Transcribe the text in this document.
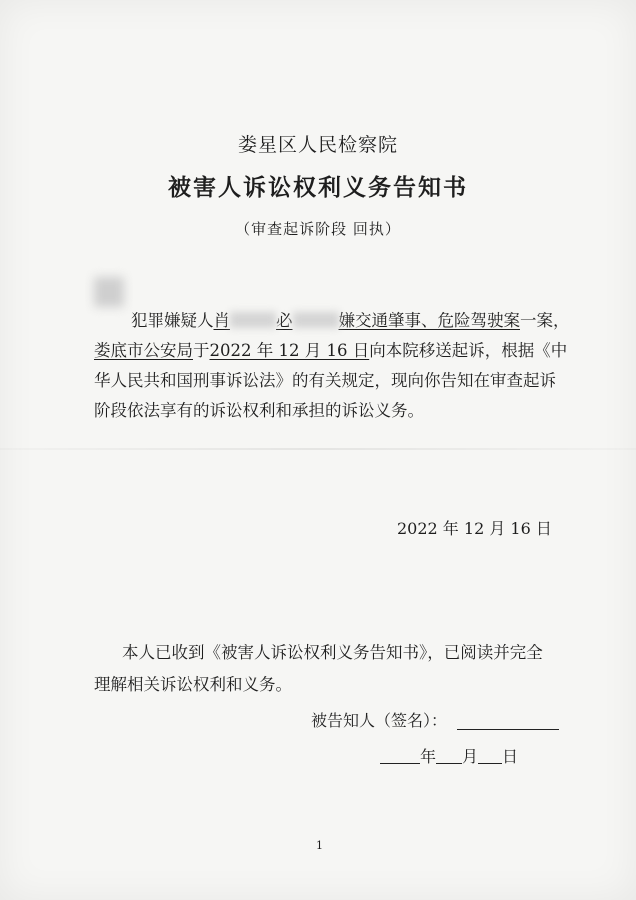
娄星区人民检察院
被害人诉讼权利义务告知书
（审查起诉阶段 回执）
犯罪嫌疑人肖	必	嫌交通肇事、危险驾驶案一案，
娄底市公安局于2022 年 12 月 16 日向本院移送起诉，根据《中
华人民共和国刑事诉讼法》的有关规定，现向你告知在审查起诉
阶段依法享有的诉讼权利和承担的诉讼义务。
2022 年 12 月 16 日
本人已收到《被害人诉讼权利义务告知书》，已阅读并完全
理解相关诉讼权利和义务。
被告知人（签名）：
年 月 日
1
